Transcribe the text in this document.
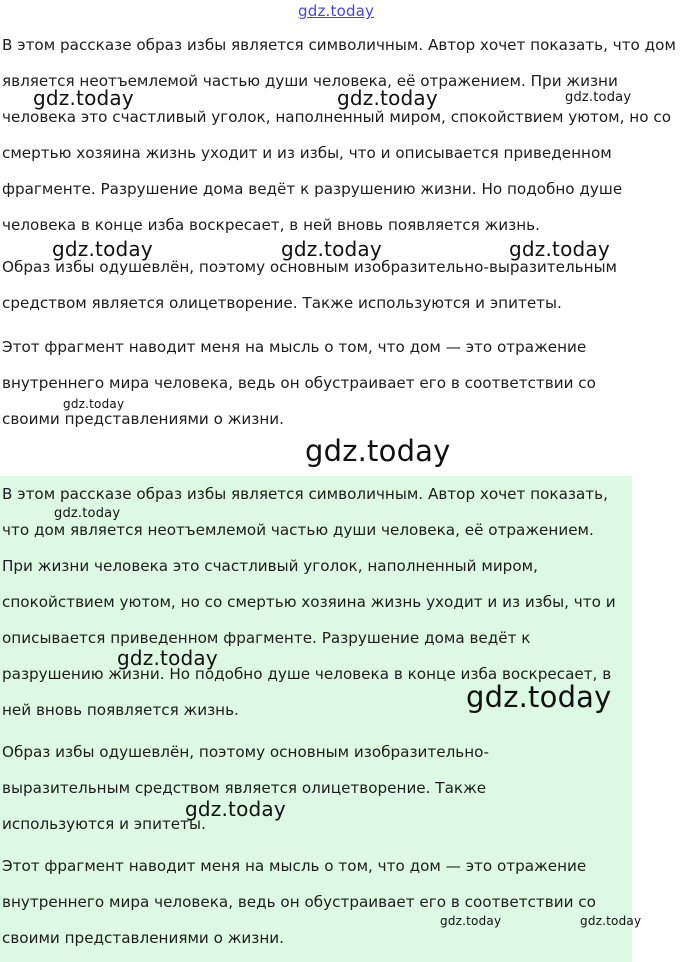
gdz.today

В этом рассказе образ избы является символичным. Автор хочет показать, что дом является неотъемлемой частью души человека, её отражением. При жизни человека это счастливый уголок, наполненный миром, спокойствием уютом, но со смертью хозяина жизнь уходит и из избы, что и описывается приведенном фрагменте. Разрушение дома ведёт к разрушению жизни. Но подобно душе человека в конце изба воскресает, в ней вновь появляется жизнь.

Образ избы одушевлён, поэтому основным изобразительно-выразительным средством является олицетворение. Также используются и эпитеты.

Этот фрагмент наводит меня на мысль о том, что дом — это отражение внутреннего мира человека, ведь он обустраивает его в соответствии со своими представлениями о жизни.

В этом рассказе образ избы является символичным. Автор хочет показать, что дом является неотъемлемой частью души человека, её отражением. При жизни человека это счастливый уголок, наполненный миром, спокойствием уютом, но со смертью хозяина жизнь уходит и из избы, что и описывается приведенном фрагменте. Разрушение дома ведёт к разрушению жизни. Но подобно душе человека в конце изба воскресает, в ней вновь появляется жизнь.

Образ избы одушевлён, поэтому основным изобразительно-выразительным средством является олицетворение. Также используются и эпитеты.

Этот фрагмент наводит меня на мысль о том, что дом — это отражение внутреннего мира человека, ведь он обустраивает его в соответствии со своими представлениями о жизни.

gdz.today	gdz.today	gdz.today
gdz.today	gdz.today	gdz.today
gdz.today
gdz.today
gdz.today
gdz.today
gdz.today
gdz.today
gdz.today	gdz.today
